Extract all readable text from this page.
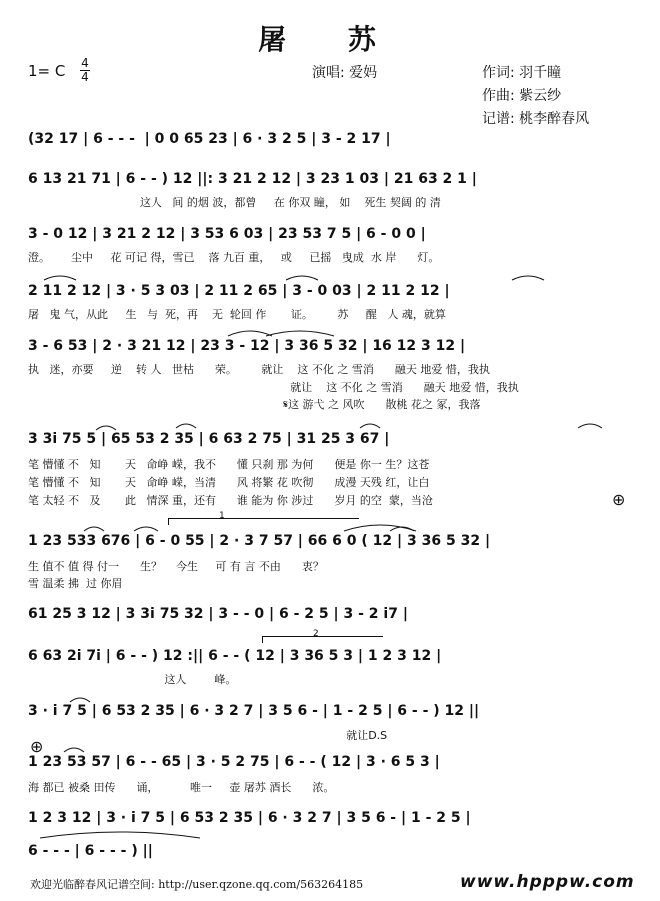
屠 苏
1= C 4
4	演唱: 爱妈	作词: 羽千瞳
作曲: 紫云纱
记谱: 桃李醉春风
(32 17 | 6 - - -  | 0 0 65 23 | 6 · 3 2 5 | 3 - 2 17 |
6 13 21 71 | 6 - - ) 12 ||: 3 21 2 12 | 3 23 1 03 | 21 63 2 1 |
这人   间 的烟 波，都曾     在 你双 瞳， 如    死生 契阔 的 清
3 - 0 12 | 3 21 2 12 | 3 53 6 03 | 23 53 7 5 | 6 - 0 0 |
澄。      尘中     花 可记 得，雪已    落 九百 重，   或     已摇   曳成  水 岸      灯。
2 11 2 12 | 3 · 5 3 03 | 2 11 2 65 | 3 - 0 03 | 2 11 2 12 |
屠   鬼 气，从此     生   与  死，再    无  轮回 作       证。       苏     醒   人 魂，就算
3 - 6 53 | 2 · 3 21 12 | 23 3 - 12 | 3 36 5 32 | 16 12 3 12 |
执   迷，亦要     逆    转 人   世枯      荣。       就让    这 不化 之 雪消      融天 地爱 惜，我执
就让    这 不化 之 雪消      融天 地爱 惜，我执
𝄋这 游弋 之 风吹      散桃 花之 冢，我落
3 3i 75 5 | 65 53 2 35 | 6 63 2 75 | 31 25 3 67 |
笔 懵懂 不   知       天   命峥 嵘，我不      懂 只刹 那 为何      便是 你一 生？这苍
笔 懵懂 不   知       天   命峥 嵘，当清      风 将繁 花 吹彻      成漫 天残 红，让白
笔 太轻 不   及       此   情深 重，还有      谁 能为 你 涉过      岁月 的空  蒙，当沧	⊕
1
1 23 533 676 | 6 - 0 55 | 2 · 3 7 57 | 66 6 0 ( 12 | 3 36 5 32 |
生 值不 值 得 付一      生？    今生     可 有 言 不由      衷？
雪 温柔 拂  过 你眉
61 25 3 12 | 3 3i 75 32 | 3 - - 0 | 6 - 2 5 | 3 - 2 i7 |
2
6 63 2i 7i | 6 - - ) 12 :|| 6 - - ( 12 | 3 36 5 3 | 1 2 3 12 |
这人        峰。
3 · i 7 5 | 6 53 2 35 | 6 · 3 2 7 | 3 5 6 - | 1 - 2 5 | 6 - - ) 12 ||
就让D.S
⊕
1 23 53 57 | 6 - - 65 | 3 · 5 2 75 | 6 - - ( 12 | 3 · 6 5 3 |
海 都已 被桑 田传      诵，         唯一     壶 屠苏 酒长      浓。
1 2 3 12 | 3 · i 7 5 | 6 53 2 35 | 6 · 3 2 7 | 3 5 6 - | 1 - 2 5 |
6 - - - | 6 - - - ) ||
欢迎光临醉春风记谱空间: http://user.qzone.qq.com/563264185	www.hpppw.com
